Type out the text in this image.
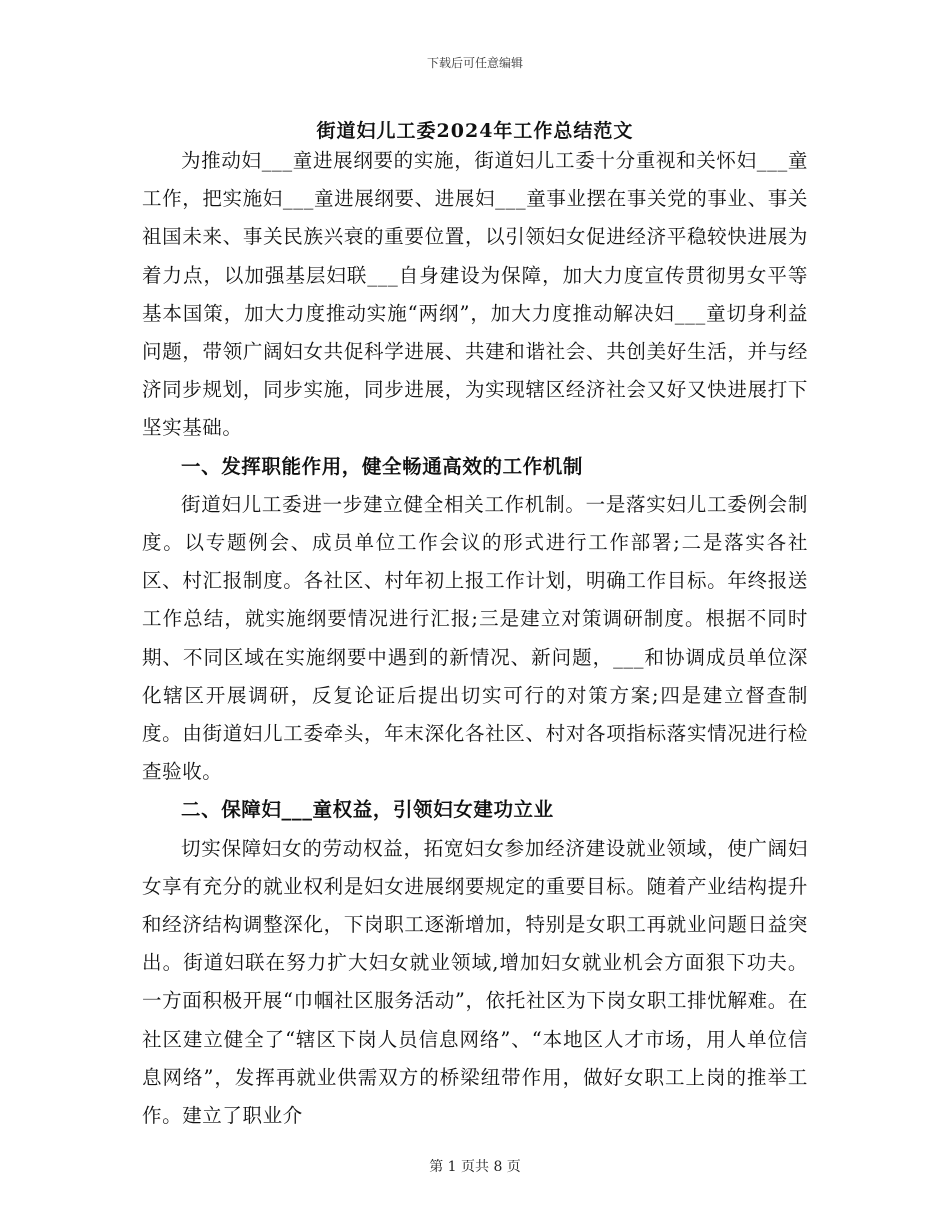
下载后可任意编辑
街道妇儿工委2024年工作总结范文

为推动妇___童进展纲要的实施，街道妇儿工委十分重视和关怀妇___童工作，把实施妇___童进展纲要、进展妇___童事业摆在事关党的事业、事关祖国未来、事关民族兴衰的重要位置，以引领妇女促进经济平稳较快进展为着力点，以加强基层妇联___自身建设为保障，加大力度宣传贯彻男女平等基本国策，加大力度推动实施“两纲”，加大力度推动解决妇___童切身利益问题，带领广阔妇女共促科学进展、共建和谐社会、共创美好生活，并与经济同步规划，同步实施，同步进展，为实现辖区经济社会又好又快进展打下坚实基础。

一、发挥职能作用，健全畅通高效的工作机制

街道妇儿工委进一步建立健全相关工作机制。一是落实妇儿工委例会制度。以专题例会、成员单位工作会议的形式进行工作部署;二是落实各社区、村汇报制度。各社区、村年初上报工作计划，明确工作目标。年终报送工作总结，就实施纲要情况进行汇报;三是建立对策调研制度。根据不同时期、不同区域在实施纲要中遇到的新情况、新问题，___和协调成员单位深化辖区开展调研，反复论证后提出切实可行的对策方案;四是建立督查制度。由街道妇儿工委牵头，年末深化各社区、村对各项指标落实情况进行检查验收。

二、保障妇___童权益，引领妇女建功立业

切实保障妇女的劳动权益，拓宽妇女参加经济建设就业领域，使广阔妇女享有充分的就业权利是妇女进展纲要规定的重要目标。随着产业结构提升和经济结构调整深化，下岗职工逐渐增加，特别是女职工再就业问题日益突出。街道妇联在努力扩大妇女就业领域,增加妇女就业机会方面狠下功夫。一方面积极开展“巾帼社区服务活动”，依托社区为下岗女职工排忧解难。在社区建立健全了“辖区下岗人员信息网络”、“本地区人才市场，用人单位信息网络”，发挥再就业供需双方的桥梁纽带作用，做好女职工上岗的推举工作。建立了职业介

第 1 页共 8 页
